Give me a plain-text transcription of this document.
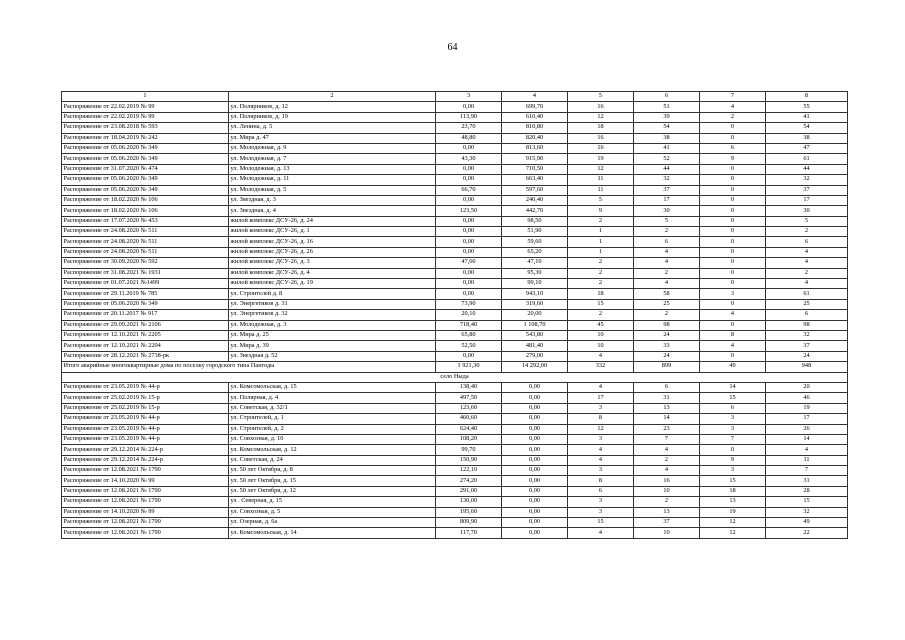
64
1	2	3	4	5	6	7	8
Распоряжение от 22.02.2019 № 99	ул. Полярников, д. 12	0,00	699,70	16	51	4	55
Распоряжение от 22.02.2019 № 99	ул. Полярников, д. 19	113,90	610,40	12	39	2	41
Распоряжение от 23.08.2018 № 593	ул. Ленина, д. 5	23,70	810,80	18	54	0	54
Распоряжение от 18.04.2019 № 242	ул. Мира д. 47	48,80	820,40	16	38	0	38
Распоряжение от 05.06.2020 № 349	ул. Молодежная, д. 9	0,00	813,60	16	41	6	47
Распоряжение от 05.06.2020 № 349	ул. Молодежная, д. 7	43,30	915,90	19	52	9	61
Распоряжение от 31.07.2020 № 474	ул. Молодежная, д. 13	0,00	710,50	12	44	0	44
Распоряжение от 05.06.2020 № 349	ул. Молодежная, д. 11	0,00	663,40	11	32	0	32
Распоряжение от 05.06.2020 № 349	ул. Молодежная, д. 5	66,70	597,60	11	37	0	37
Распоряжение от 18.02.2020 № 106	ул. Звездная, д. 3	0,00	240,40	5	17	0	17
Распоряжение от 18.02.2020 № 106	ул. Звездная, д. 4	123,50	442,70	9	30	0	30
Распоряжение от 17.07.2020 № 453	жилой комплекс ДСУ-26, д. 24	0,00	98,50	2	5	0	5
Распоряжение от 24.08.2020 № 511	жилой комплекс ДСУ-26, д. 1	0,00	51,90	1	2	0	2
Распоряжение от 24.08.2020 № 511	жилой комплекс ДСУ-26, д. 16	0,00	59,60	1	6	0	6
Распоряжение от 24.08.2020 № 511	жилой комплекс ДСУ-26, д. 26	0,00	65,20	1	4	0	4
Распоряжение от 30.09.2020 № 592	жилой комплекс ДСУ-26, д. 3	47,60	47,10	2	4	0	4
Распоряжение от 31.08.2021 № 1931	жилой комплекс ДСУ-26, д. 4	0,00	95,30	2	2	0	2
Распоряжение от 01.07.2021 №1499	жилой комплекс ДСУ-26, д. 19	0,00	99,10	2	4	0	4
Распоряжение от 29.11.2019 № 785	ул. Строителей д. 8	0,00	943,10	18	58	3	61
Распоряжение от 05.06.2020 № 349	ул. Энергетиков д. 31	73,90	319,60	15	25	0	25
Распоряжение от 20.11.2017 № 917	ул. Энергетиков д. 32	20,10	20,00	2	2	4	6
Распоряжение от 29.09.2021 № 2106	ул. Молодежная, д. 3	718,40	1 108,70	45	98	0	98
Распоряжение от 12.10.2021 № 2205	ул. Мира д. 25	65,80	543,80	10	24	8	32
Распоряжение от 12.10.2021 № 2204	ул. Мира д. 39	52,50	481,40	10	33	4	37
Распоряжение от 28.12.2021 № 2738-рк	ул. Звездная д. 52	0,00	279,00	4	24	0	24
Итого аварийные многоквартирные дома по поселку городского типа Пангоды		1 921,30	14 292,00	332	899	49	948
село Ныда							
Распоряжение от 23.05.2019 № 44-р	ул. Комсомольская, д. 15	138,40	0,00	4	6	14	20
Распоряжение от 25.02.2019 № 15-р	ул. Полярная, д. 4	497,50	0,00	17	31	15	46
Распоряжение от 25.02.2019 № 15-р	ул. Советская, д. 32/1	123,60	0,00	3	13	6	19
Распоряжение от 23.05.2019 № 44-р	ул. Строителей, д. 1	460,60	0,00	8	14	3	17
Распоряжение от 23.05.2019 № 44-р	ул. Строителей, д. 2	624,40	0,00	12	23	3	26
Распоряжение от 23.05.2019 № 44-р	ул. Совхозная, д. 10	108,20	0,00	3	7	7	14
Распоряжение от 29.12.2014 № 224-р	ул. Комсомольская, д. 12	99,70	0,00	4	4	0	4
Распоряжение от 29.12.2014 № 224-р	ул. Советская, д. 24	150,90	0,00	4	2	9	11
Распоряжение от 12.08.2021 № 1790	ул. 50 лет Октября, д. 8	122,10	0,00	3	4	3	7
Распоряжение от 14.10.2020 № 99	ул. 50 лет Октября, д. 15	274,20	0,00	8	16	15	31
Распоряжение от 12.08.2021 № 1790	ул. 50 лет Октября, д. 12	291,00	0,00	6	10	18	28
Распоряжение от 12.08.2021 № 1790	ул . Северная, д. 15	130,00	0,00	3	2	13	15
Распоряжение от 14.10.2020 № 99	ул. Совхозная, д. 5	195,60	0,00	3	13	19	32
Распоряжение от 12.08.2021 № 1790	ул. Озерная, д. 6а	809,90	0,00	15	37	12	49
Распоряжение от 12.08.2021 № 1790	ул. Комсомольская, д. 14	117,70	0,00	4	10	12	22
